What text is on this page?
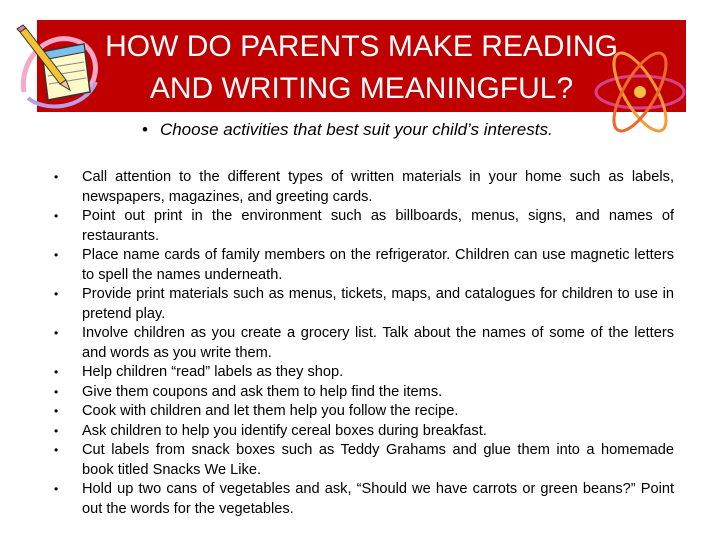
HOW DO PARENTS MAKE READING
AND WRITING MEANINGFUL?
• Choose activities that best suit your child’s interests.
• Call attention to the different types of written materials in your home such as labels, newspapers, magazines, and greeting cards.
• Point out print in the environment such as billboards, menus, signs, and names of restaurants.
• Place name cards of family members on the refrigerator. Children can use magnetic letters to spell the names underneath.
• Provide print materials such as menus, tickets, maps, and catalogues for children to use in pretend play.
• Involve children as you create a grocery list. Talk about the names of some of the letters and words as you write them.
• Help children “read” labels as they shop.
• Give them coupons and ask them to help find the items.
• Cook with children and let them help you follow the recipe.
• Ask children to help you identify cereal boxes during breakfast.
• Cut labels from snack boxes such as Teddy Grahams and glue them into a homemade book titled Snacks We Like.
• Hold up two cans of vegetables and ask, “Should we have carrots or green beans?” Point out the words for the vegetables.
